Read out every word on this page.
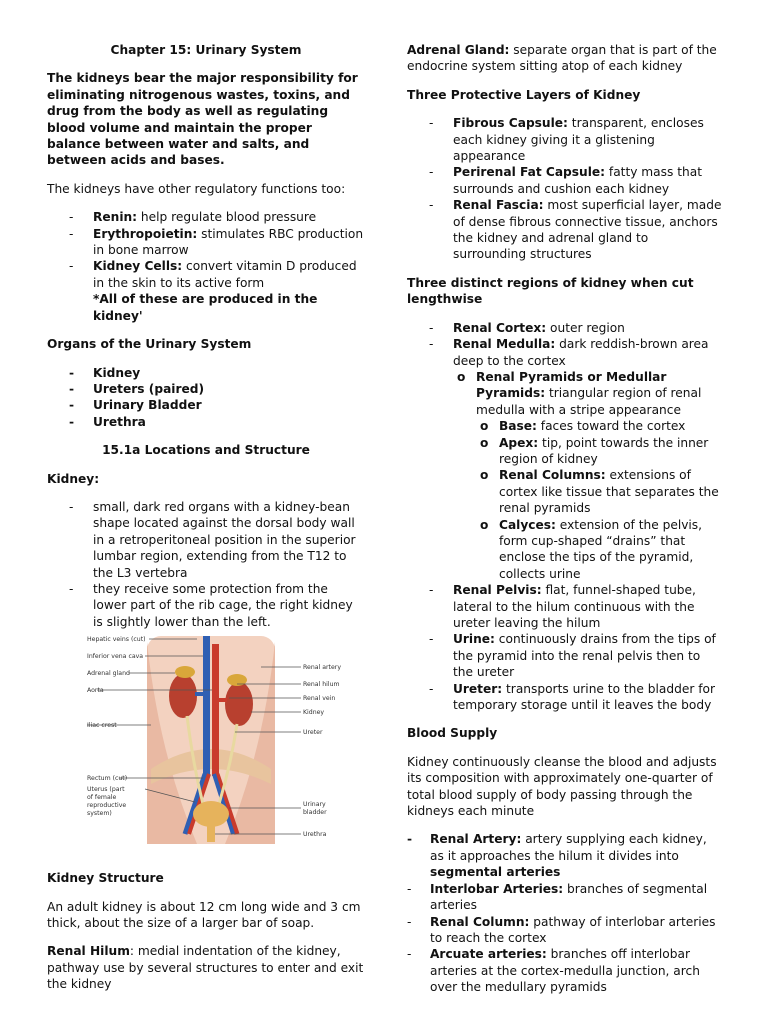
Chapter 15: Urinary System

The kidneys bear the major responsibility for eliminating nitrogenous wastes, toxins, and drug from the body as well as regulating blood volume and maintain the proper balance between water and salts, and between acids and bases.

The kidneys have other regulatory functions too:

- Renin: help regulate blood pressure
- Erythropoietin: stimulates RBC production in bone marrow
- Kidney Cells: convert vitamin D produced in the skin to its active form

*All of these are produced in the kidney'

Organs of the Urinary System

- Kidney
- Ureters (paired)
- Urinary Bladder
- Urethra

15.1a Locations and Structure

Kidney:

- small, dark red organs with a kidney-bean shape located against the dorsal body wall in a retroperitoneal position in the superior lumbar region, extending from the T12 to the L3 vertebra
- they receive some protection from the lower part of the rib cage, the right kidney is slightly lower than the left.
Hepatic veins (cut)
Inferior vena cava
Adrenal gland
Aorta
Iliac crest
Rectum (cut)
Uterus (part of female reproductive system)
Renal artery
Renal hilum
Renal vein
Kidney
Ureter
Urinary bladder
Urethra

Kidney Structure

An adult kidney is about 12 cm long wide and 3 cm thick, about the size of a larger bar of soap.

Renal Hilum: medial indentation of the kidney, pathway use by several structures to enter and exit the kidney

Adrenal Gland: separate organ that is part of the endocrine system sitting atop of each kidney

Three Protective Layers of Kidney

- Fibrous Capsule: transparent, encloses each kidney giving it a glistening appearance
- Perirenal Fat Capsule: fatty mass that surrounds and cushion each kidney
- Renal Fascia: most superficial layer, made of dense fibrous connective tissue, anchors the kidney and adrenal gland to surrounding structures

Three distinct regions of kidney when cut lengthwise

- Renal Cortex: outer region
- Renal Medulla: dark reddish-brown area deep to the cortex
o Renal Pyramids or Medullar Pyramids: triangular region of renal medulla with a stripe appearance
o Base: faces toward the cortex
o Apex: tip, point towards the inner region of kidney
o Renal Columns: extensions of cortex like tissue that separates the renal pyramids
o Calyces: extension of the pelvis, form cup-shaped “drains” that enclose the tips of the pyramid, collects urine
- Renal Pelvis: flat, funnel-shaped tube, lateral to the hilum continuous with the ureter leaving the hilum
- Urine: continuously drains from the tips of the pyramid into the renal pelvis then to the ureter
- Ureter: transports urine to the bladder for temporary storage until it leaves the body

Blood Supply

Kidney continuously cleanse the blood and adjusts its composition with approximately one-quarter of total blood supply of body passing through the kidneys each minute

- Renal Artery: artery supplying each kidney, as it approaches the hilum it divides into segmental arteries
- Interlobar Arteries: branches of segmental arteries
- Renal Column: pathway of interlobar arteries to reach the cortex
- Arcuate arteries: branches off interlobar arteries at the cortex-medulla junction, arch over the medullary pyramids
